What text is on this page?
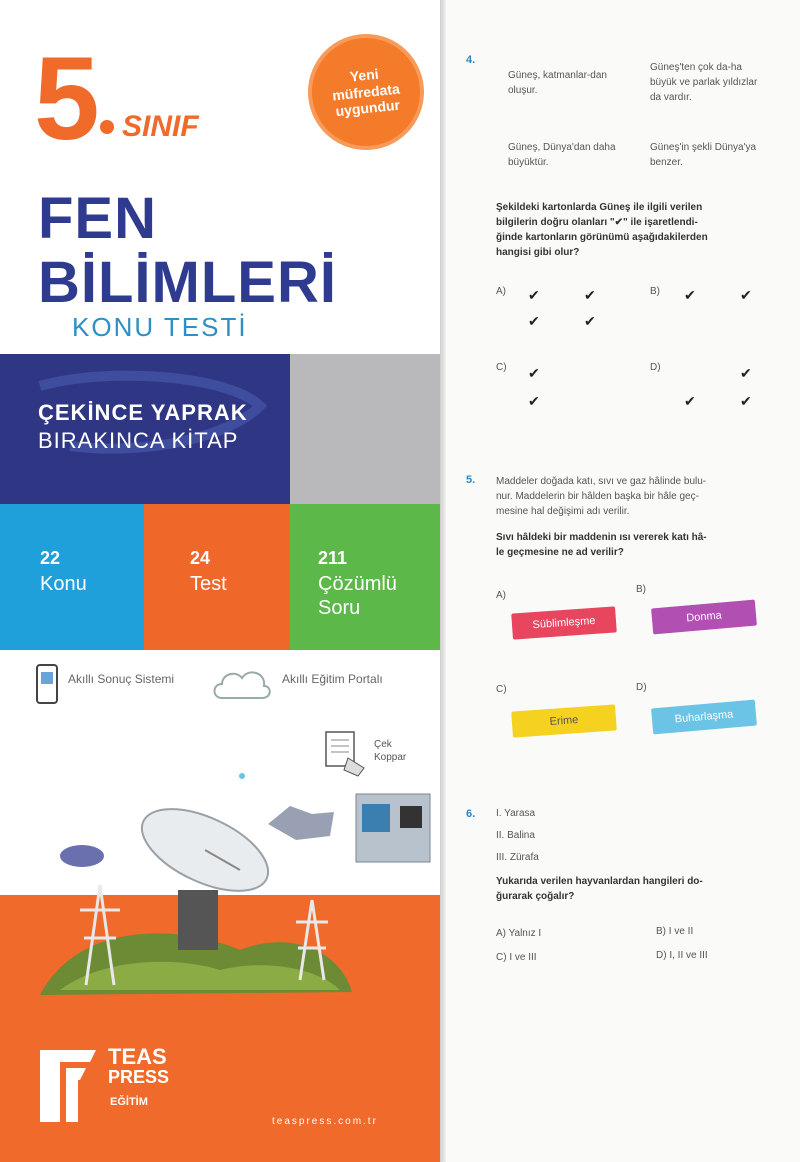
5 SINIF
Yeni müfredata uygundur
FEN
BİLİMLERİ
KONU TESTİ
ÇEKİNCE YAPRAK
BIRAKINCA KİTAP
22
Konu
24
Test
211
Çözümlü
Soru
Akıllı Sonuç Sistemi	Akıllı Eğitim Portalı
Çek
Koppar
TEAS
PRESS
EĞİTİM
teaspress.com.tr
4.
Güneş, katmanlar-dan oluşur.
Güneş'ten çok da-ha büyük ve parlak yıldızlar da vardır.
Güneş, Dünya'dan daha büyüktür.
Güneş'in şekli Dünya'ya benzer.
Şekildeki kartonlarda Güneş ile ilgili verilen
bilgilerin doğru olanları "✔" ile işaretlendi-
ğinde kartonların görünümü aşağıdakilerden
hangisi gibi olur?
A) ✔	✔
✔	✔
B) ✔	✔
C) ✔
✔
D)	✔
✔	✔
5. Maddeler doğada katı, sıvı ve gaz hâlinde bulu-
nur. Maddelerin bir hâlden başka bir hâle geç-
mesine hal değişimi adı verilir.
Sıvı hâldeki bir maddenin ısı vererek katı hâ-
le geçmesine ne ad verilir?
A)
Süblimleşme
B)
Donma
C)
Erime
D)
Buharlaşma
6. I. Yarasa
II. Balina
III. Zürafa
Yukarıda verilen hayvanlardan hangileri do-
ğurarak çoğalır?
A) Yalnız I	B) I ve II
C) I ve III	D) I, II ve III
